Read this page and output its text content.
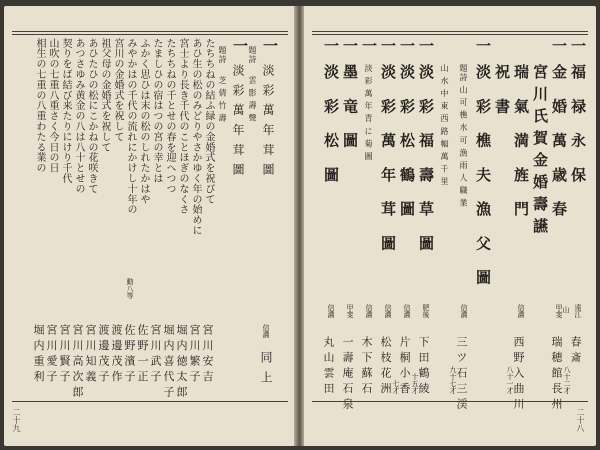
一
淡 彩 萬 年 茸 圖
題詩
雲 影 壽 聲
信濃
同 上
一
淡 彩 萬 年 茸 圖
題詩
芝 倩 竹 壽
たちちねの結ふ緑の金婚式を祝びて
あひ生の松のみどりやさかゆく年の始めに
宮士より長き千代のことほぎのなくさ
たちちねの千とせの春を迎へつつ
たましひの宿はつの宮の幸とは
ふかく思ひは末の松のしれたかはや
みやかはの千代の流れにかけし十年の
宮川の金婚式を祝して
祖父母の金婚式を祝して
あひたひの松にこかねの花咲きて
あつさゆみ黄金の八は八十とせの
契りをば結び来たりにけり千代
山吹の七重八重さく今日の日
相生の七重の八重わたる業の
宮 川 安 吉
宮 川 繁 子
堀 内 徳 太 郎
堀 内 喜 代 子
宮 川 武 子
佐 野 一 正
佐 野 濱 子
動八等
渡 邊 茂 作
渡 邊 茂 子
宮 川 知 義
宮 川 高 次 郎
宮 川 賢 子
宮 川 愛 子
堀 内 重 利
二十九
一
福 禄 永 保
遠江
春 斎
八十二才
山
一
金 婚 萬 歳 春
甲斐
瑞 穂 館 長 州
宮川氏賀金婚壽讌
瑞 氣 満 旌 門
信濃
西 野 入 曲 川
八十一才
祝 書
一
淡 彩 樵 夫 漁 父 圖
題詩 山 可 樵 水 可 漁 雨 人 職 業
信濃
三 ツ 石 三 渓
九十七才
山 水 中 東 西 路 幅 萬 千 里
一
淡 彩 福 壽 草 圖
肥後
下 田 鶴 綾
十五才
一
淡 彩 松 鶴 圖
信濃
片 桐 小 香
七才
一
淡 彩 萬 年 茸 圖
信濃
松 枝 花 洲
一
淡 彩 萬 年 青 に 菊 圖
信濃
木 下 蘇 石
一
墨 竜 圖
甲斐
一 壽 庵 石 泉
一
淡 彩 松 圖
信濃
丸 山 雲 田
二十八
